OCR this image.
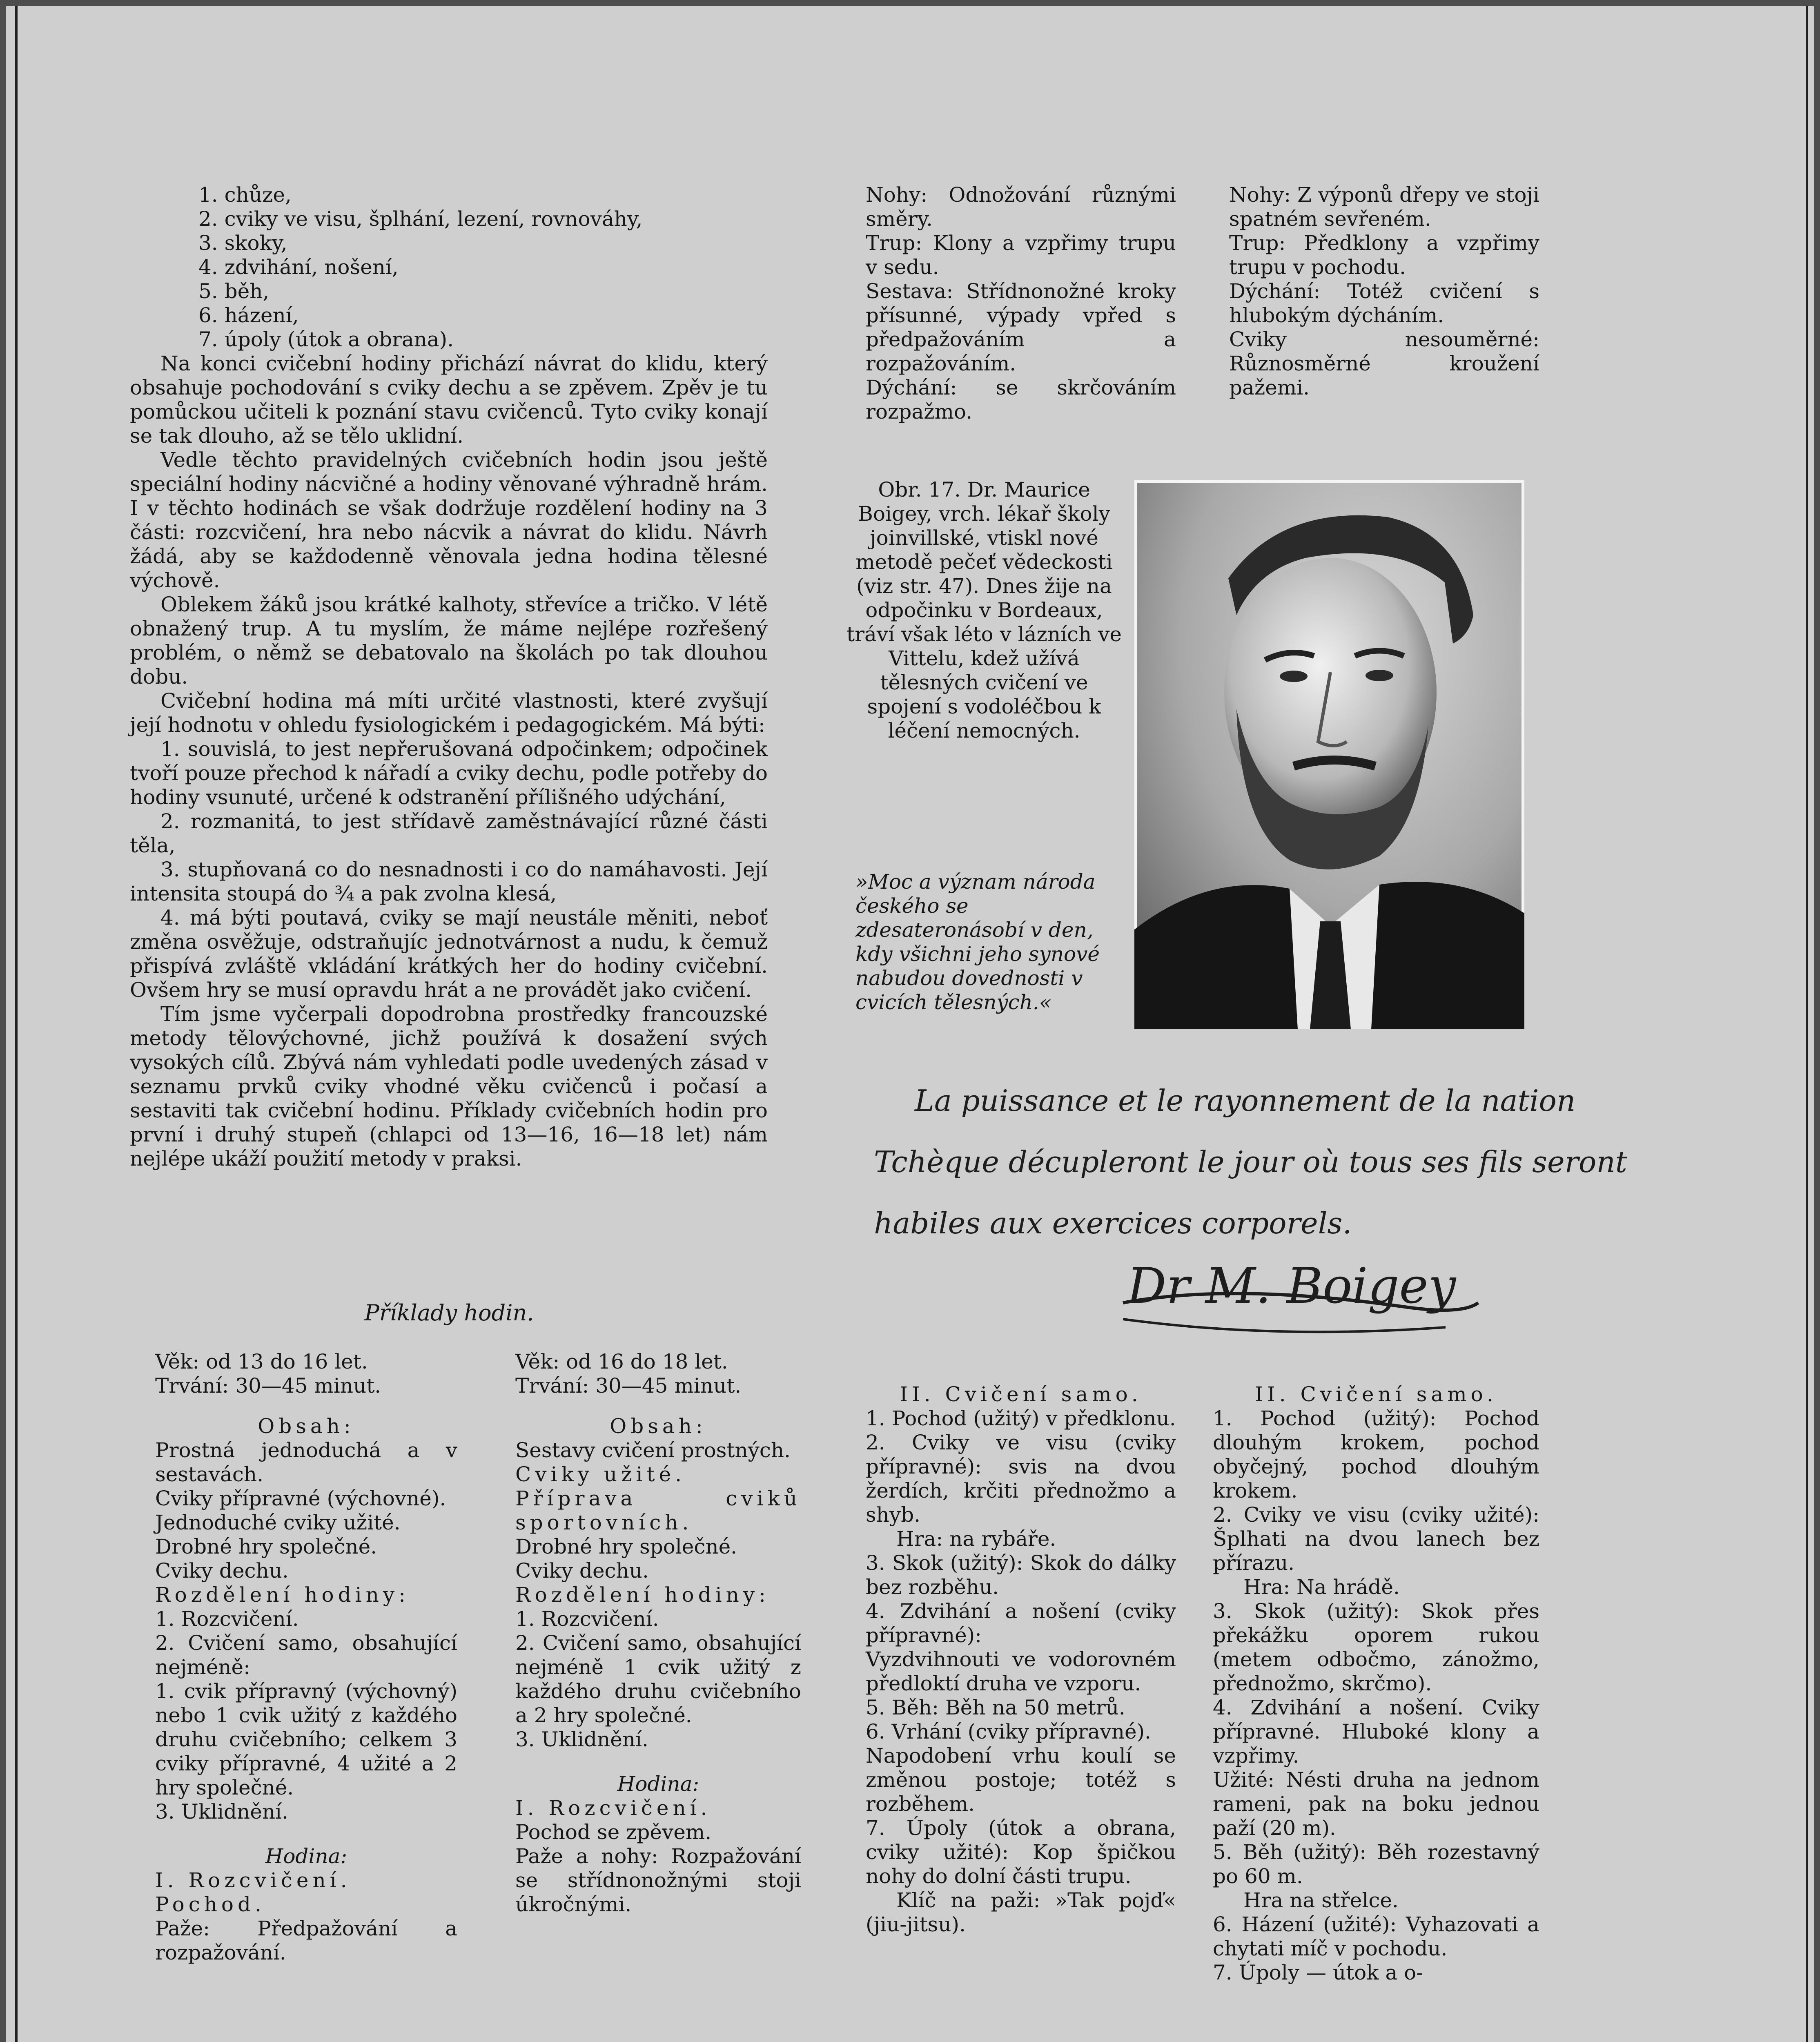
1. chůze,

2. cviky ve visu, šplhání, lezení, rovnováhy,

3. skoky,

4. zdvihání, nošení,

5. běh,

6. házení,

7. úpoly (útok a obrana).

Na konci cvičební hodiny přichází návrat do klidu, který obsahuje pochodování s cviky dechu a se zpěvem. Zpěv je tu pomůckou učiteli k poznání stavu cvičenců. Tyto cviky konají se tak dlouho, až se tělo uklidní.

Vedle těchto pravidelných cvičebních hodin jsou ještě speciální hodiny nácvičné a hodiny věnované výhradně hrám. I v těchto hodinách se však dodržuje rozdělení hodiny na 3 části: rozcvičení, hra nebo nácvik a návrat do klidu. Návrh žádá, aby se každodenně věnovala jedna hodina tělesné výchově.

Oblekem žáků jsou krátké kalhoty, střevíce a tričko. V létě obnažený trup. A tu myslím, že máme nejlépe rozřešený problém, o němž se debatovalo na školách po tak dlouhou dobu.

Cvičební hodina má míti určité vlastnosti, které zvyšují její hodnotu v ohledu fysiologickém i pedagogickém. Má býti:

1. souvislá, to jest nepřerušovaná odpočinkem; odpočinek tvoří pouze přechod k nářadí a cviky dechu, podle potřeby do hodiny vsunuté, určené k odstranění přílišného udýchání,

2. rozmanitá, to jest střídavě zaměstnávající různé části těla,

3. stupňovaná co do nesnadnosti i co do namáhavosti. Její intensita stoupá do ¾ a pak zvolna klesá,

4. má býti poutavá, cviky se mají neustále měniti, neboť změna osvěžuje, odstraňujíc jednotvárnost a nudu, k čemuž přispívá zvláště vkládání krátkých her do hodiny cvičební. Ovšem hry se musí opravdu hrát a ne provádět jako cvičení.

Tím jsme vyčerpali dopodrobna prostředky francouzské metody tělovýchovné, jichž používá k dosažení svých vysokých cílů. Zbývá nám vyhledati podle uvedených zásad v seznamu prvků cviky vhodné věku cvičenců i počasí a sestaviti tak cvičební hodinu. Příklady cvičebních hodin pro první i druhý stupeň (chlapci od 13—16, 16—18 let) nám nejlépe ukáží použití metody v praksi.

Nohy: Odnožování různými směry.

Trup: Klony a vzpřimy trupu v sedu.

Sestava: Střídnonožné kroky přísunné, výpady vpřed s předpažováním a rozpažováním.

Dýchání: se skrčováním rozpažmo.

Nohy: Z výponů dřepy ve stoji spatném sevřeném.

Trup: Předklony a vzpřimy trupu v pochodu.

Dýchání: Totéž cvičení s hlubokým dýcháním.

Cviky nesouměrné: Různosměrné kroužení pažemi.

Obr. 17. Dr. Maurice Boigey, vrch. lékař školy joinvillské, vtiskl nové metodě pečeť vědeckosti (viz str. 47). Dnes žije na odpočinku v Bordeaux, tráví však léto v lázních ve Vittelu, kdež užívá tělesných cvičení ve spojení s vodoléčbou k léčení nemocných.

»Moc a význam národa českého se zdesateronásobí v den, kdy všichni jeho synové nabudou dovednosti v cvicích tělesných.«

La puissance et le rayonnement de la nation
Tchèque décupleront le jour où tous ses fils seront
habiles aux exercices corporels.
Dr M. Boigey

Příklady hodin.

Věk: od 13 do 16 let.

Trvání: 30—45 minut.

Obsah:

Prostná jednoduchá a v sestavách.

Cviky přípravné (výchovné).

Jednoduché cviky užité.

Drobné hry společné.

Cviky dechu.

Rozdělení hodiny:

1. Rozcvičení.

2. Cvičení samo, obsahující nejméně:

1. cvik přípravný (výchovný) nebo 1 cvik užitý z každého druhu cvičebního; celkem 3 cviky přípravné, 4 užité a 2 hry společné.

3. Uklidnění.

Hodina:

I. Rozcvičení.

Pochod.

Paže: Předpažování a rozpažování.

Věk: od 16 do 18 let.

Trvání: 30—45 minut.

Obsah:

Sestavy cvičení prostných.

Cviky užité.

Příprava cviků sportovních.

Drobné hry společné.

Cviky dechu.

Rozdělení hodiny:

1. Rozcvičení.

2. Cvičení samo, obsahující nejméně 1 cvik užitý z každého druhu cvičebního a 2 hry společné.

3. Uklidnění.

Hodina:

I. Rozcvičení.

Pochod se zpěvem.

Paže a nohy: Rozpažování se střídnonožnými stoji úkročnými.

II. Cvičení samo.

1. Pochod (užitý) v předklonu.

2. Cviky ve visu (cviky přípravné): svis na dvou žerdích, krčiti přednožmo a shyb.

Hra: na rybáře.

3. Skok (užitý): Skok do dálky bez rozběhu.

4. Zdvihání a nošení (cviky přípravné):

Vyzdvihnouti ve vodorovném předloktí druha ve vzporu.

5. Běh: Běh na 50 metrů.

6. Vrhání (cviky přípravné).

Napodobení vrhu koulí se změnou postoje; totéž s rozběhem.

7. Úpoly (útok a obrana, cviky užité): Kop špičkou nohy do dolní části trupu.

Klíč na paži: »Tak pojď« (jiu-jitsu).

II. Cvičení samo.

1. Pochod (užitý): Pochod dlouhým krokem, pochod obyčejný, pochod dlouhým krokem.

2. Cviky ve visu (cviky užité): Šplhati na dvou lanech bez přírazu.

Hra: Na hrádě.

3. Skok (užitý): Skok přes překážku oporem rukou (metem odbočmo, zánožmo, přednožmo, skrčmo).

4. Zdvihání a nošení. Cviky přípravné. Hluboké klony a vzpřimy.

Užité: Nésti druha na jednom rameni, pak na boku jednou paží (20 m).

5. Běh (užitý): Běh rozestavný po 60 m.

Hra na střelce.

6. Házení (užité): Vyhazovati a chytati míč v pochodu.

7. Úpoly — útok a o-
